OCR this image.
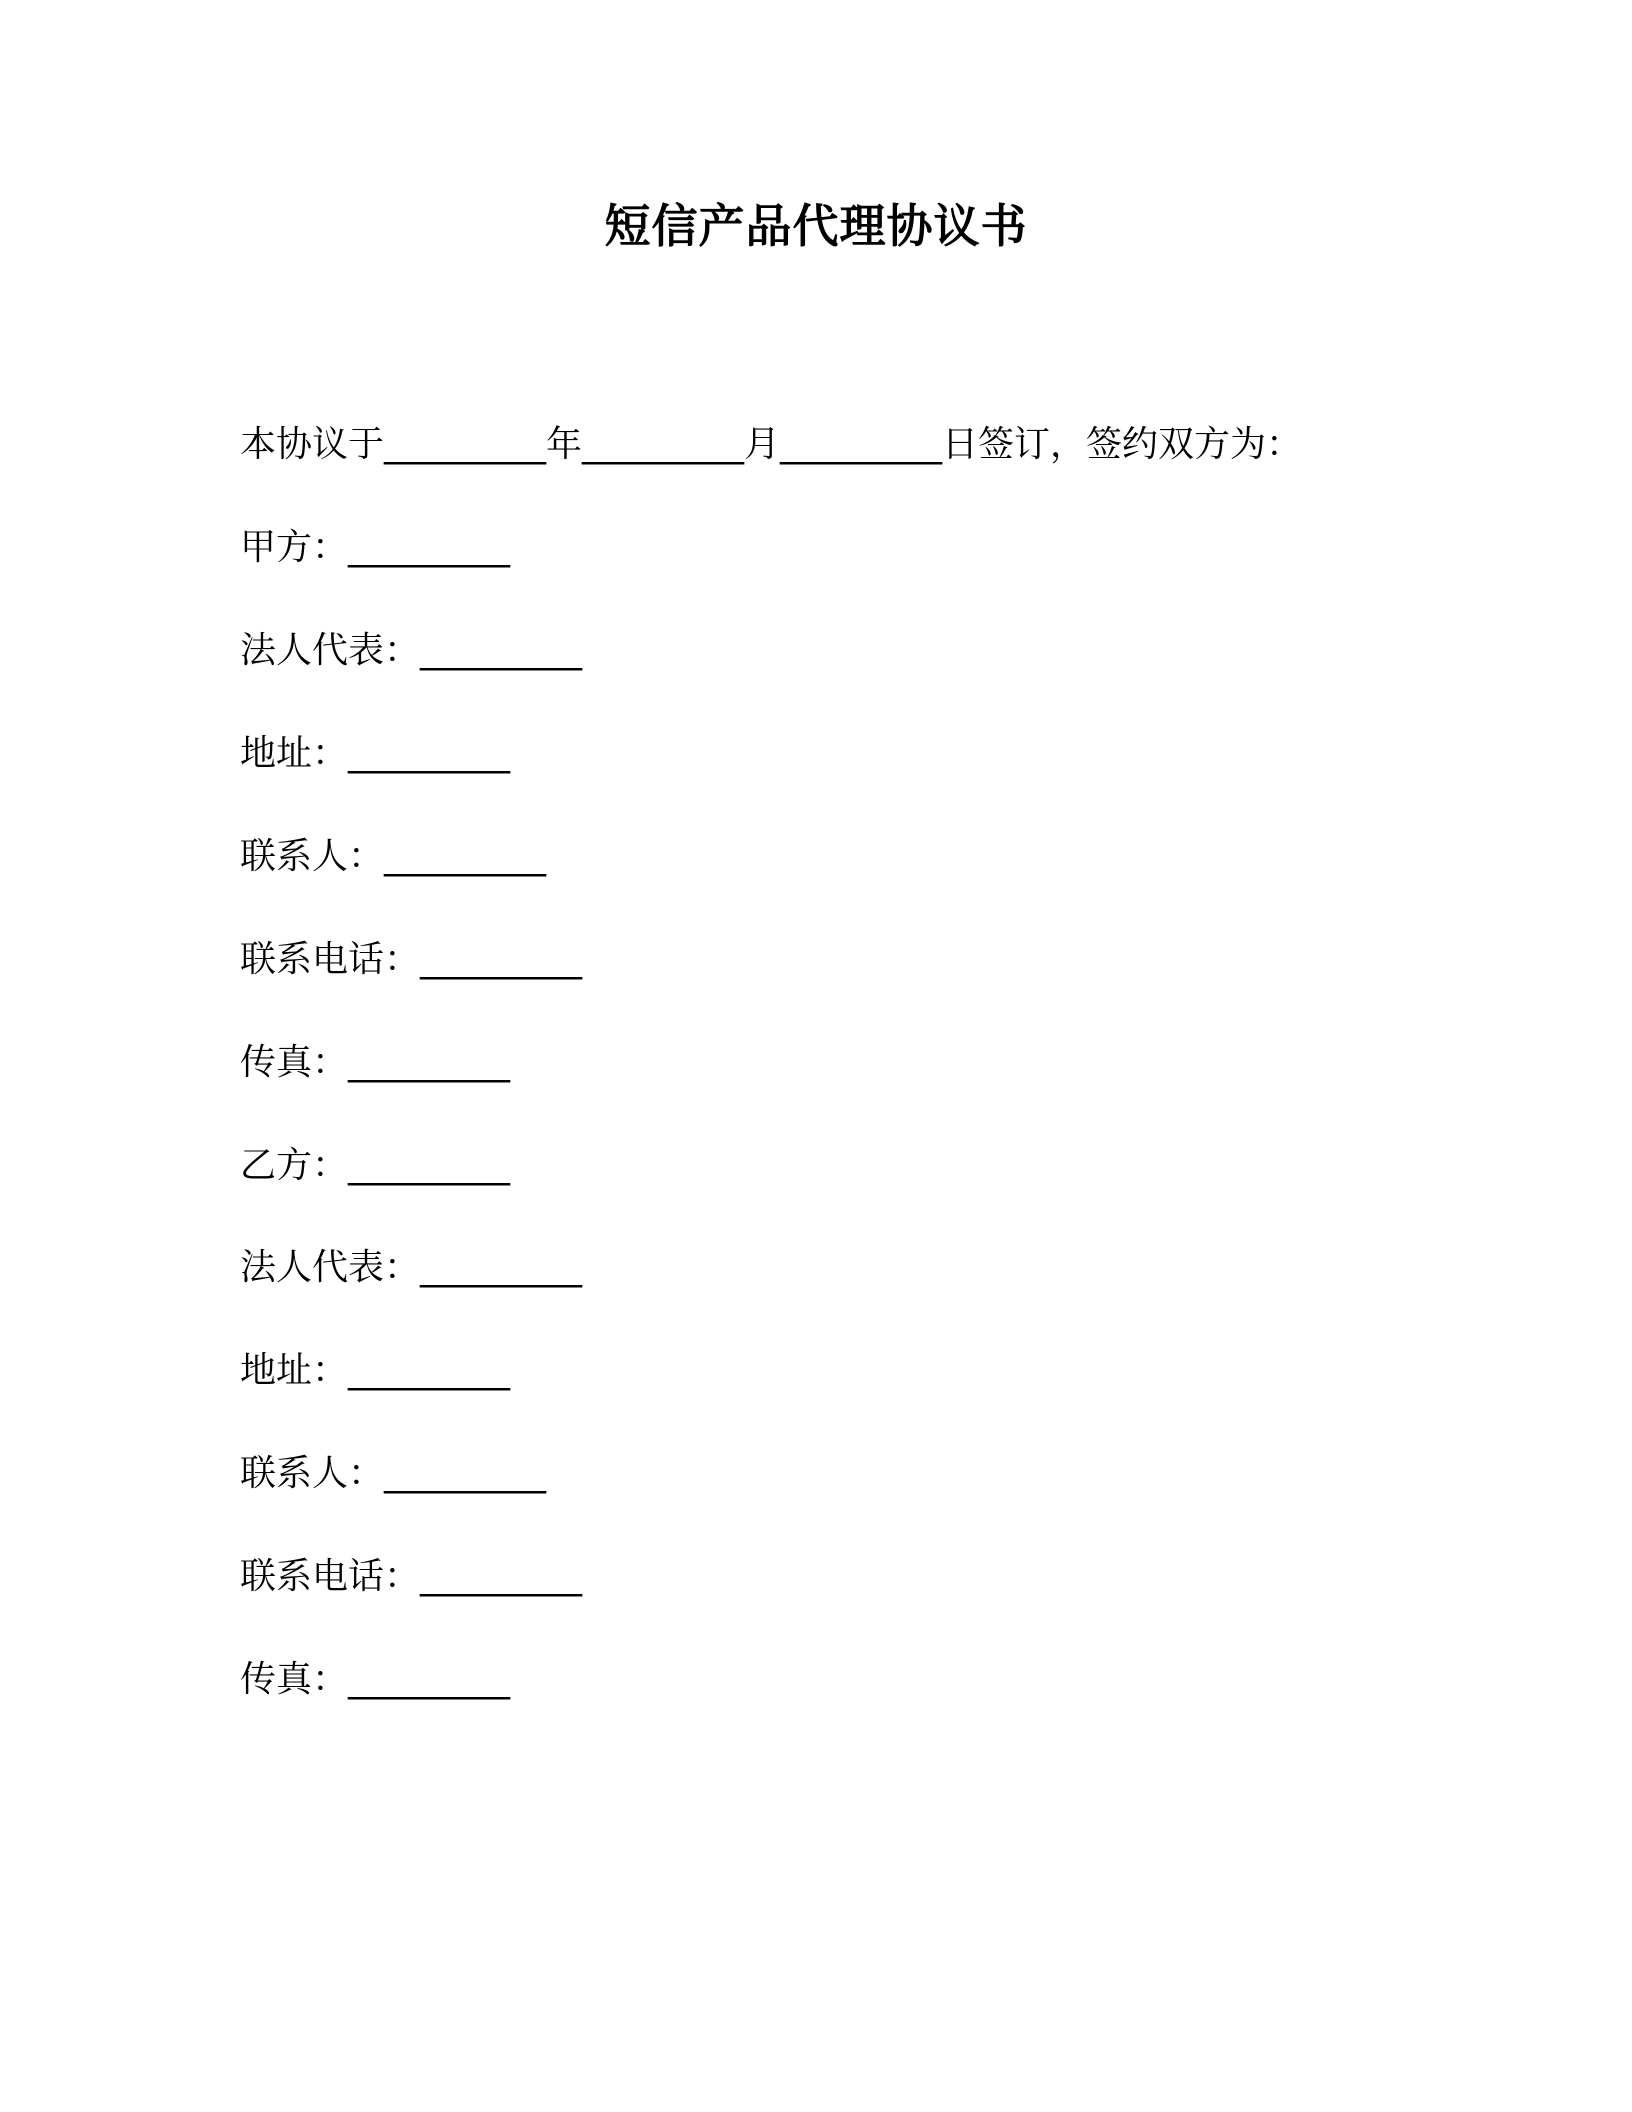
短信产品代理协议书
本协议于_________年_________月_________日签订，签约双方为：
甲方：_________
法人代表：_________
地址：_________
联系人：_________
联系电话：_________
传真：_________
乙方：_________
法人代表：_________
地址：_________
联系人：_________
联系电话：_________
传真：_________
